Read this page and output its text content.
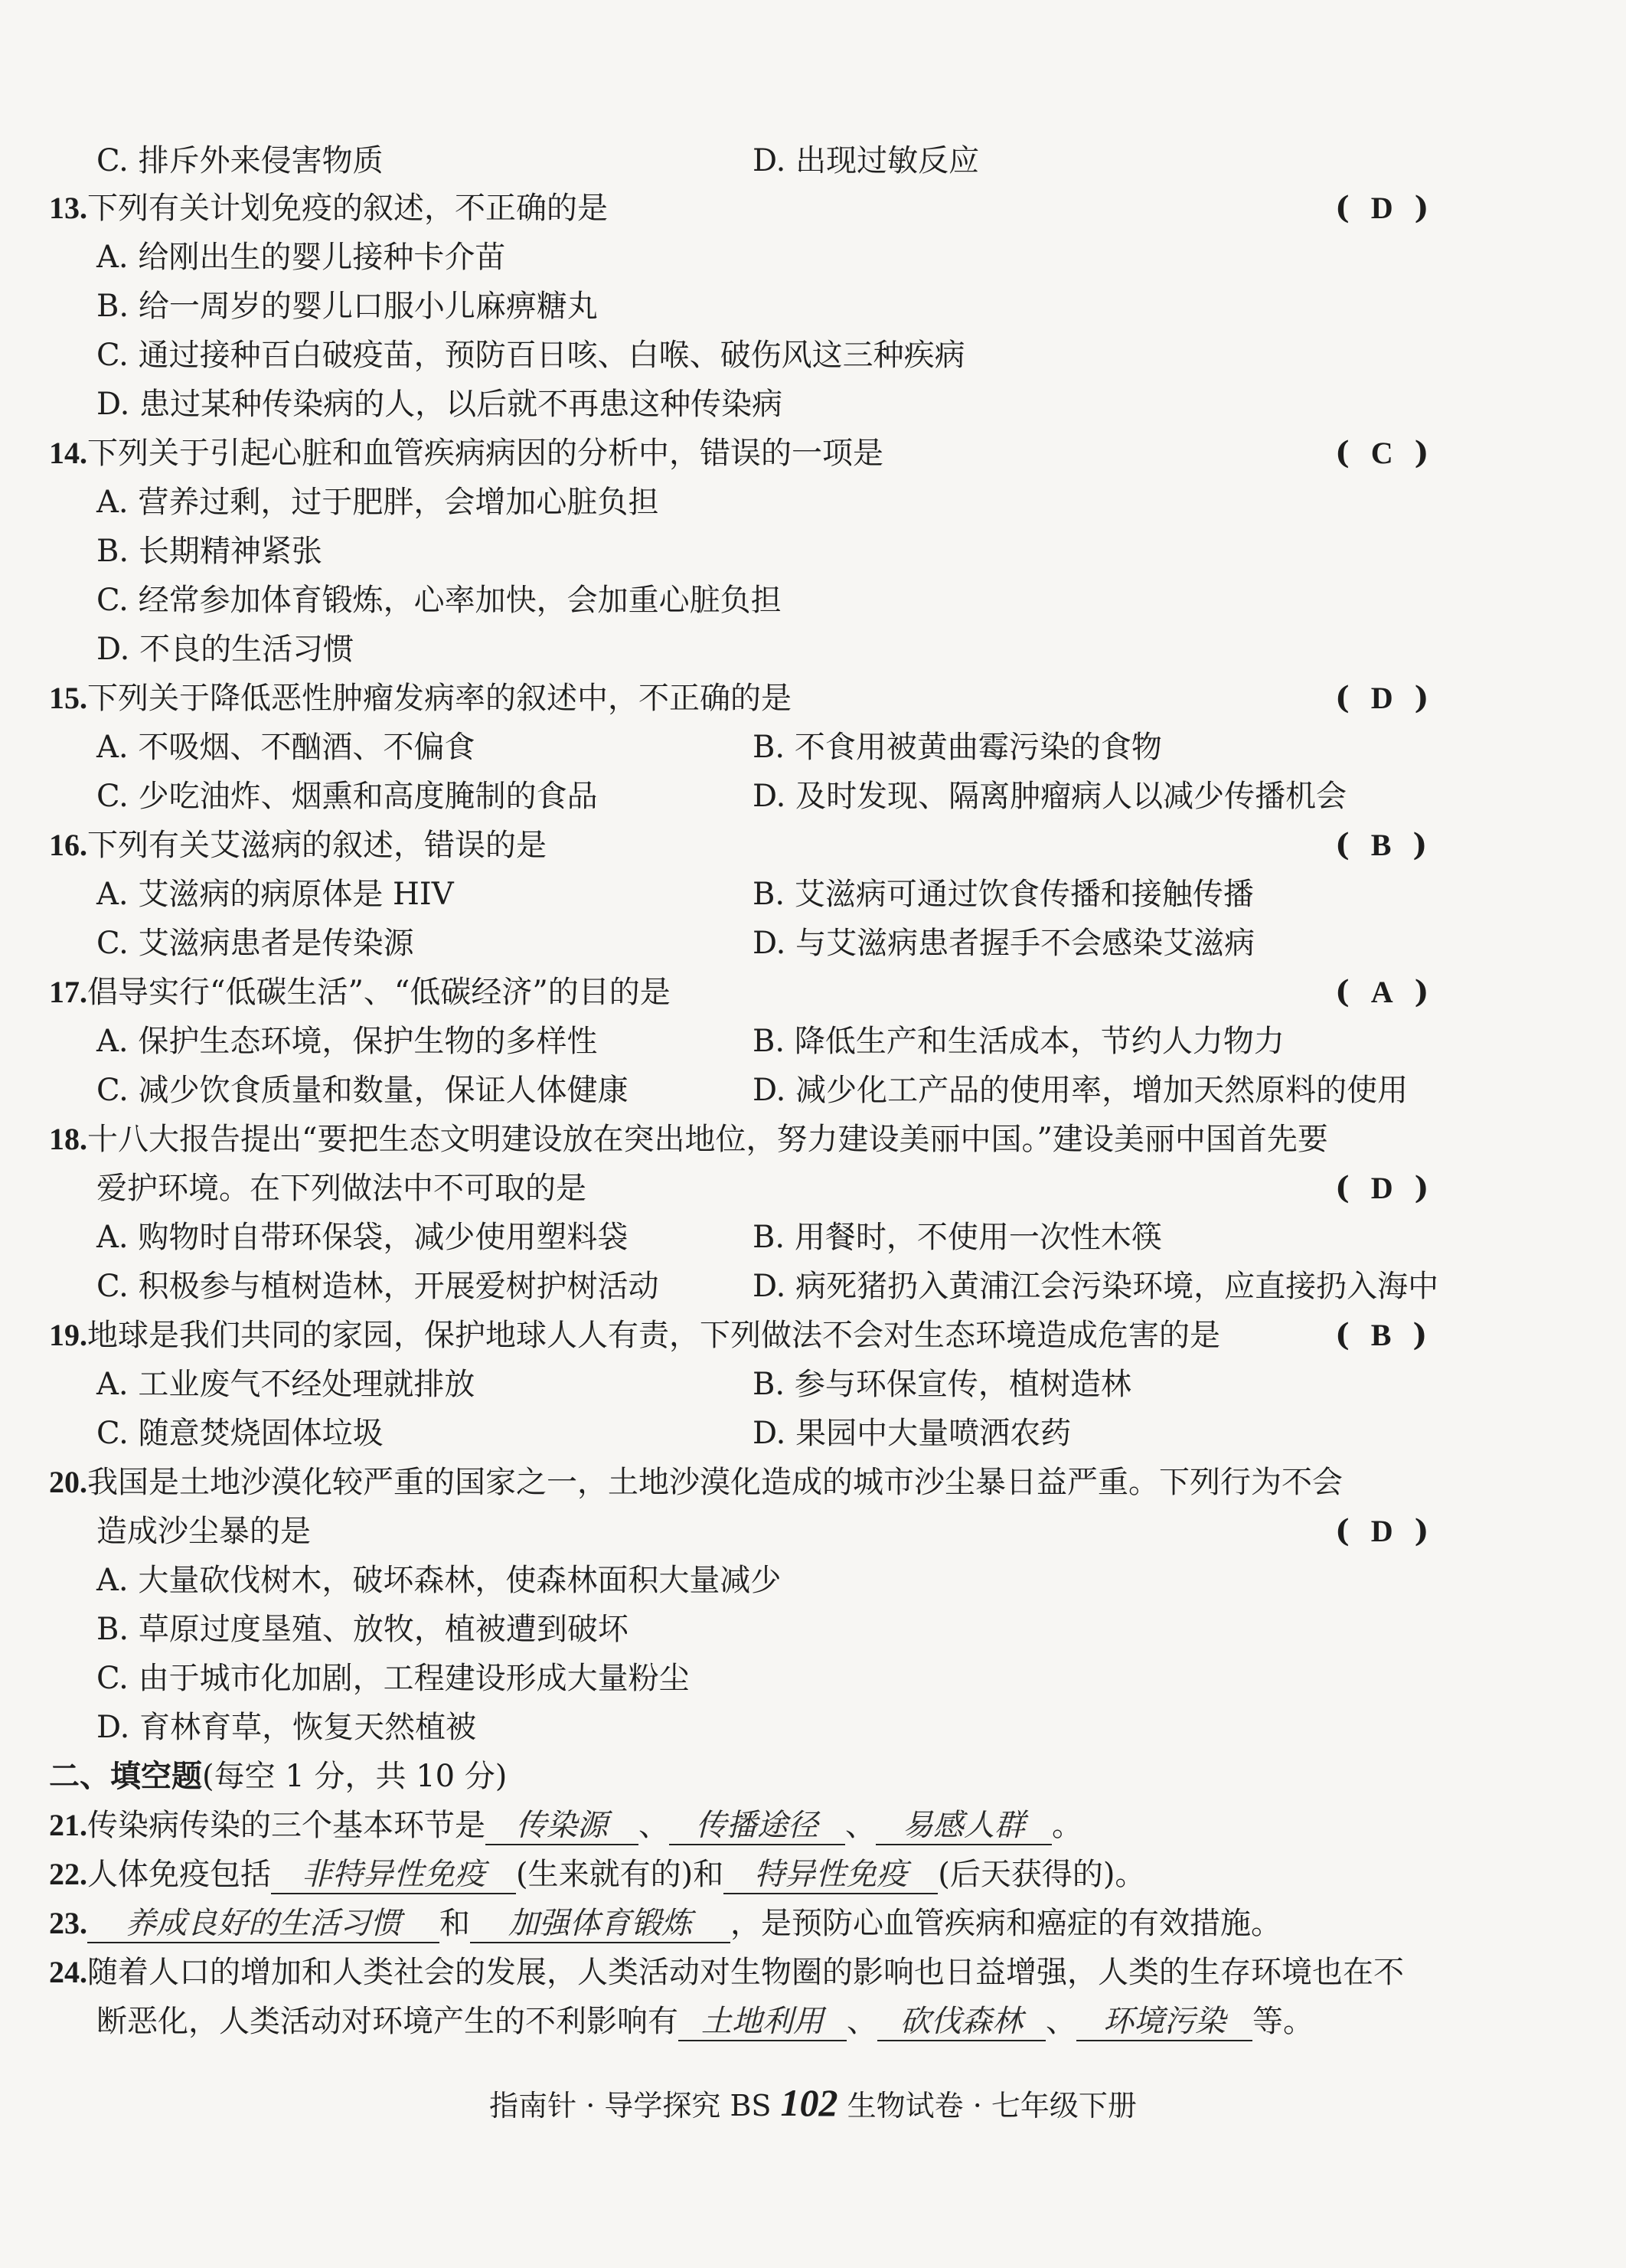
C. 排斥外来侵害物质	D. 出现过敏反应
13.下列有关计划免疫的叙述，不正确的是	(  D  )
A. 给刚出生的婴儿接种卡介苗
B. 给一周岁的婴儿口服小儿麻痹糖丸
C. 通过接种百白破疫苗，预防百日咳、白喉、破伤风这三种疾病
D. 患过某种传染病的人，以后就不再患这种传染病
14.下列关于引起心脏和血管疾病病因的分析中，错误的一项是	(  C  )
A. 营养过剩，过于肥胖，会增加心脏负担
B. 长期精神紧张
C. 经常参加体育锻炼，心率加快，会加重心脏负担
D. 不良的生活习惯
15.下列关于降低恶性肿瘤发病率的叙述中，不正确的是	(  D  )
A. 不吸烟、不酗酒、不偏食	B. 不食用被黄曲霉污染的食物
C. 少吃油炸、烟熏和高度腌制的食品	D. 及时发现、隔离肿瘤病人以减少传播机会
16.下列有关艾滋病的叙述，错误的是	(  B  )
A. 艾滋病的病原体是 HIV	B. 艾滋病可通过饮食传播和接触传播
C. 艾滋病患者是传染源	D. 与艾滋病患者握手不会感染艾滋病
17.倡导实行“低碳生活”、“低碳经济”的目的是	(  A  )
A. 保护生态环境，保护生物的多样性	B. 降低生产和生活成本，节约人力物力
C. 减少饮食质量和数量，保证人体健康	D. 减少化工产品的使用率，增加天然原料的使用
18.十八大报告提出“要把生态文明建设放在突出地位，努力建设美丽中国。”建设美丽中国首先要
爱护环境。在下列做法中不可取的是	(  D  )
A. 购物时自带环保袋，减少使用塑料袋	B. 用餐时，不使用一次性木筷
C. 积极参与植树造林，开展爱树护树活动	D. 病死猪扔入黄浦江会污染环境，应直接扔入海中
19.地球是我们共同的家园，保护地球人人有责，下列做法不会对生态环境造成危害的是	(  B  )
A. 工业废气不经处理就排放	B. 参与环保宣传，植树造林
C. 随意焚烧固体垃圾	D. 果园中大量喷洒农药
20.我国是土地沙漠化较严重的国家之一，土地沙漠化造成的城市沙尘暴日益严重。下列行为不会
造成沙尘暴的是	(  D  )
A. 大量砍伐树木，破坏森林，使森林面积大量减少
B. 草原过度垦殖、放牧，植被遭到破坏
C. 由于城市化加剧，工程建设形成大量粉尘
D. 育林育草，恢复天然植被
二、填空题(每空 1 分，共 10 分)
21.传染病传染的三个基本环节是 传染源 、 传播途径 、 易感人群 。
22.人体免疫包括 非特异性免疫 (生来就有的)和 特异性免疫 (后天获得的)。
23. 养成良好的生活习惯 和 加强体育锻炼 ，是预防心血管疾病和癌症的有效措施。
24.随着人口的增加和人类社会的发展，人类活动对生物圈的影响也日益增强，人类的生存环境也在不
断恶化，人类活动对环境产生的不利影响有 土地利用 、 砍伐森林 、 环境污染 等。
指南针 · 导学探究 BS 102 生物试卷 · 七年级下册
